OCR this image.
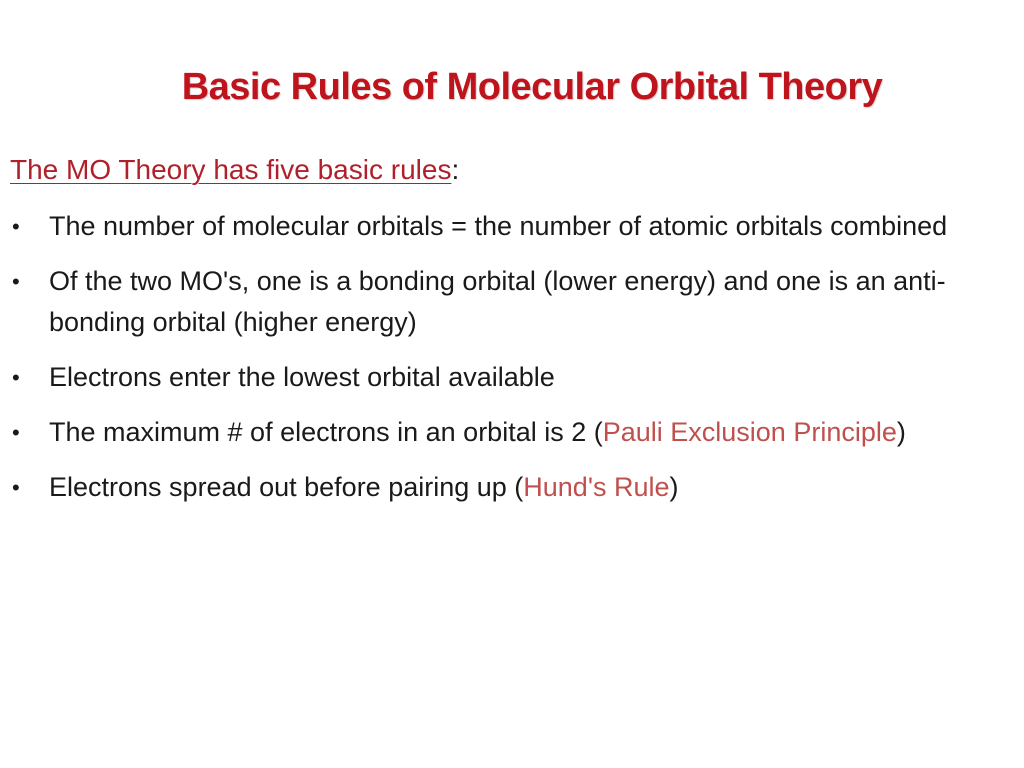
Basic Rules of Molecular Orbital Theory

The MO Theory has five basic rules:

• The number of molecular orbitals = the number of atomic orbitals combined
• Of the two MO's, one is a bonding orbital (lower energy) and one is an anti-bonding orbital (higher energy)
• Electrons enter the lowest orbital available
• The maximum # of electrons in an orbital is 2 (Pauli Exclusion Principle)
• Electrons spread out before pairing up (Hund's Rule)
